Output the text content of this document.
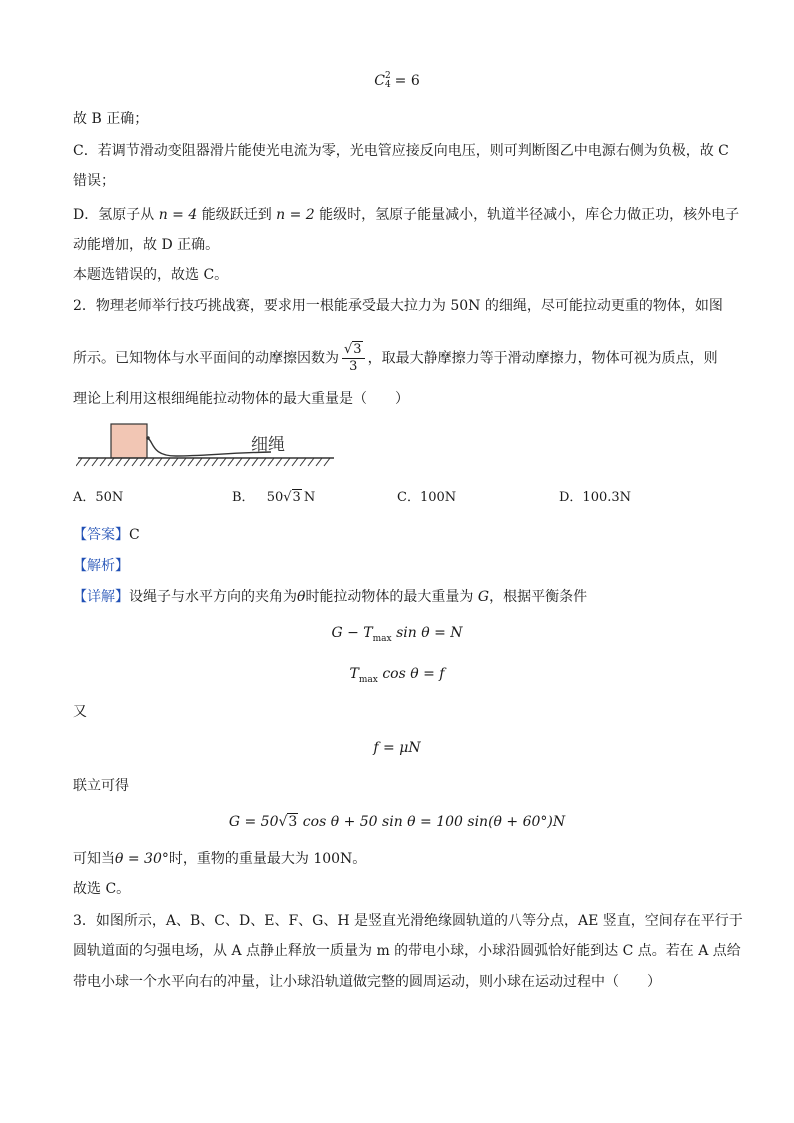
C 2
4 = 6
故 B 正确；
C．若调节滑动变阻器滑片能使光电流为零，光电管应接反向电压，则可判断图乙中电源右侧为负极，故 C
错误；
D．氢原子从 n = 4 能级跃迁到 n = 2 能级时，氢原子能量减小，轨道半径减小，库仑力做正功，核外电子
动能增加，故 D 正确。
本题选错误的，故选 C。
2．物理老师举行技巧挑战赛，要求用一根能承受最大拉力为 50N 的细绳，尽可能拉动更重的物体，如图
所示。已知物体与水平面间的动摩擦因数为 $\frac{√3}{3}$ ，取最大静摩擦力等于滑动摩擦力，物体可视为质点，则
理论上利用这根细绳能拉动物体的最大重量是（　　）
细绳
A．50N	B． 50√3 N	C．100N	D．100.3N
【答案】C
【解析】
【详解】设绳子与水平方向的夹角为θ时能拉动物体的最大重量为 G，根据平衡条件
$G - T_{max}$ sin θ = N
$T_{max}$ cos θ = f
又
f = μN
联立可得
G = 50√3 cos θ + 50 sin θ = 100 sin(θ + 60°)N
可知当θ = 30°时，重物的重量最大为 100N。
故选 C。
3．如图所示，A、B、C、D、E、F、G、H 是竖直光滑绝缘圆轨道的八等分点，AE 竖直，空间存在平行于
圆轨道面的匀强电场，从 A 点静止释放一质量为 m 的带电小球，小球沿圆弧恰好能到达 C 点。若在 A 点给
带电小球一个水平向右的冲量，让小球沿轨道做完整的圆周运动，则小球在运动过程中（　　）
